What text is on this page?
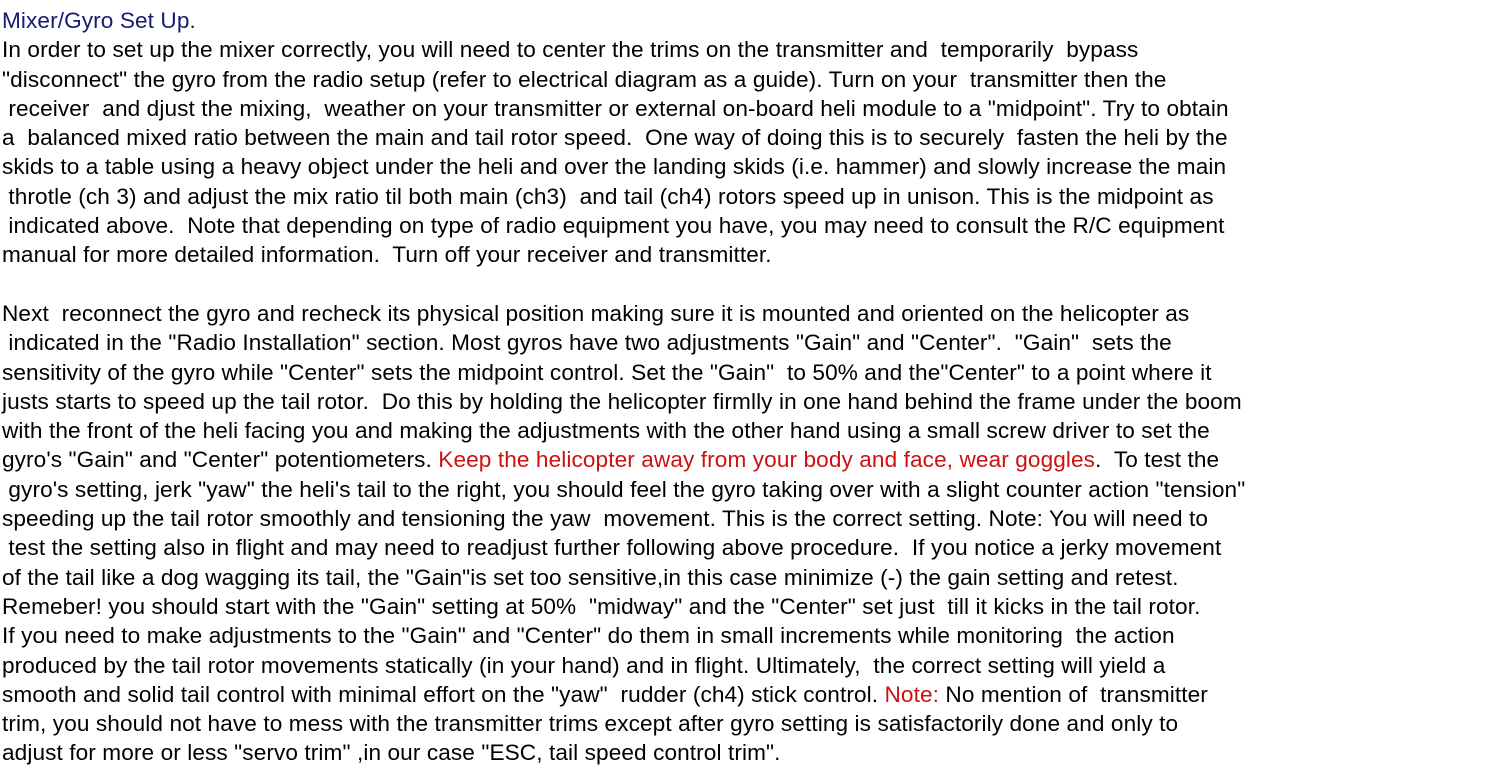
Mixer/Gyro Set Up.
In order to set up the mixer correctly, you will need to center the trims on the transmitter and  temporarily  bypass
"disconnect" the gyro from the radio setup (refer to electrical diagram as a guide). Turn on your  transmitter then the
receiver  and djust the mixing,  weather on your transmitter or external on-board heli module to a "midpoint". Try to obtain
a  balanced mixed ratio between the main and tail rotor speed.  One way of doing this is to securely  fasten the heli by the
skids to a table using a heavy object under the heli and over the landing skids (i.e. hammer) and slowly increase the main
throtle (ch 3) and adjust the mix ratio til both main (ch3)  and tail (ch4) rotors speed up in unison. This is the midpoint as
indicated above.  Note that depending on type of radio equipment you have, you may need to consult the R/C equipment
manual for more detailed information.  Turn off your receiver and transmitter.
Next  reconnect the gyro and recheck its physical position making sure it is mounted and oriented on the helicopter as
indicated in the "Radio Installation" section. Most gyros have two adjustments "Gain" and "Center".  "Gain"  sets the
sensitivity of the gyro while "Center" sets the midpoint control. Set the "Gain"  to 50% and the"Center" to a point where it
justs starts to speed up the tail rotor.  Do this by holding the helicopter firmlly in one hand behind the frame under the boom
with the front of the heli facing you and making the adjustments with the other hand using a small screw driver to set the
gyro's "Gain" and "Center" potentiometers. Keep the helicopter away from your body and face, wear goggles.  To test the
gyro's setting, jerk "yaw" the heli's tail to the right, you should feel the gyro taking over with a slight counter action "tension"
speeding up the tail rotor smoothly and tensioning the yaw  movement. This is the correct setting. Note: You will need to
test the setting also in flight and may need to readjust further following above procedure.  If you notice a jerky movement
of the tail like a dog wagging its tail, the "Gain"is set too sensitive,in this case minimize (-) the gain setting and retest.
Remeber! you should start with the "Gain" setting at 50%  "midway" and the "Center" set just  till it kicks in the tail rotor.
If you need to make adjustments to the "Gain" and "Center" do them in small increments while monitoring  the action
produced by the tail rotor movements statically (in your hand) and in flight. Ultimately,  the correct setting will yield a
smooth and solid tail control with minimal effort on the "yaw"  rudder (ch4) stick control. Note: No mention of  transmitter
trim, you should not have to mess with the transmitter trims except after gyro setting is satisfactorily done and only to
adjust for more or less "servo trim" ,in our case "ESC, tail speed control trim".
